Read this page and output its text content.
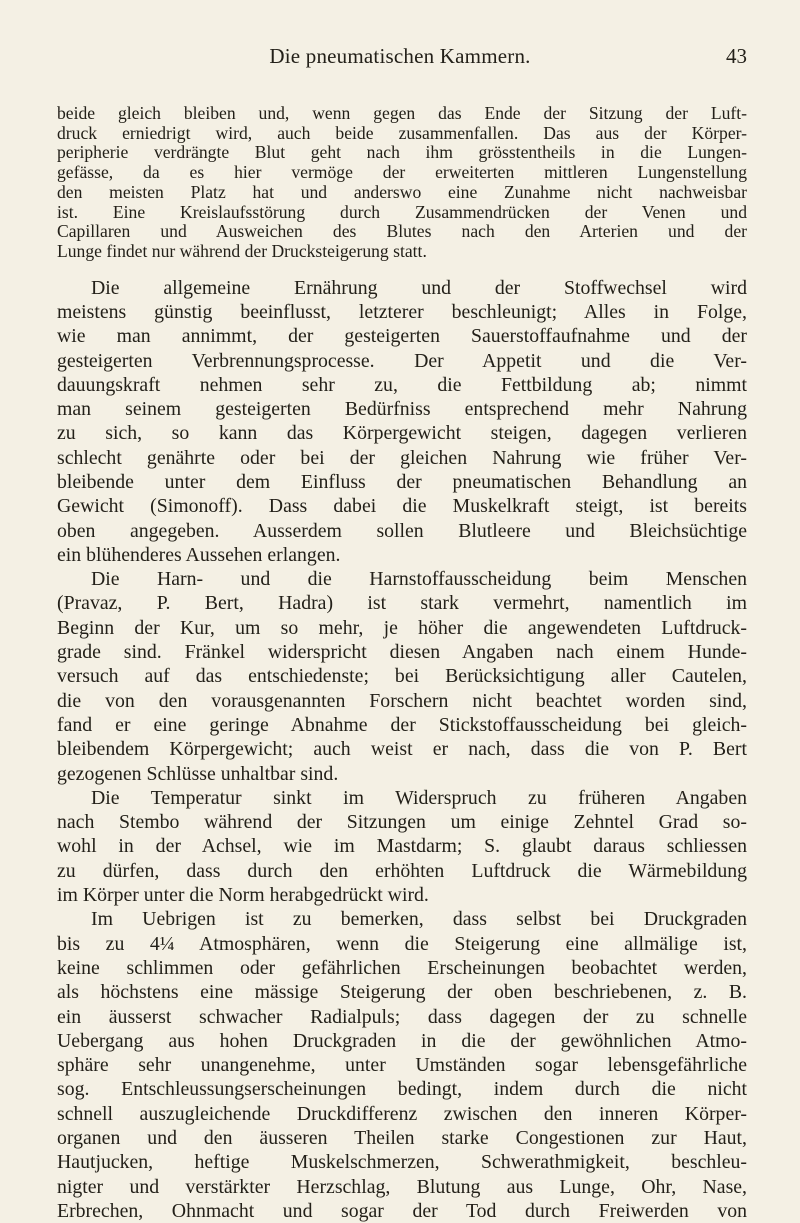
Die pneumatischen Kammern.	43
beide gleich bleiben und, wenn gegen das Ende der Sitzung der Luft-
druck erniedrigt wird, auch beide zusammenfallen. Das aus der Körper-
peripherie verdrängte Blut geht nach ihm grösstentheils in die Lungen-
gefässe, da es hier vermöge der erweiterten mittleren Lungenstellung
den meisten Platz hat und anderswo eine Zunahme nicht nachweisbar
ist. Eine Kreislaufsstörung durch Zusammendrücken der Venen und
Capillaren und Ausweichen des Blutes nach den Arterien und der
Lunge findet nur während der Drucksteigerung statt.
Die allgemeine Ernährung und der Stoffwechsel wird
meistens günstig beeinflusst, letzterer beschleunigt; Alles in Folge,
wie man annimmt, der gesteigerten Sauerstoffaufnahme und der
gesteigerten Verbrennungsprocesse. Der Appetit und die Ver-
dauungskraft nehmen sehr zu, die Fettbildung ab; nimmt
man seinem gesteigerten Bedürfniss entsprechend mehr Nahrung
zu sich, so kann das Körpergewicht steigen, dagegen verlieren
schlecht genährte oder bei der gleichen Nahrung wie früher Ver-
bleibende unter dem Einfluss der pneumatischen Behandlung an
Gewicht (Simonoff). Dass dabei die Muskelkraft steigt, ist bereits
oben angegeben. Ausserdem sollen Blutleere und Bleichsüchtige
ein blühenderes Aussehen erlangen.
Die Harn- und die Harnstoffausscheidung beim Menschen
(Pravaz, P. Bert, Hadra) ist stark vermehrt, namentlich im
Beginn der Kur, um so mehr, je höher die angewendeten Luftdruck-
grade sind. Fränkel widerspricht diesen Angaben nach einem Hunde-
versuch auf das entschiedenste; bei Berücksichtigung aller Cautelen,
die von den vorausgenannten Forschern nicht beachtet worden sind,
fand er eine geringe Abnahme der Stickstoffausscheidung bei gleich-
bleibendem Körpergewicht; auch weist er nach, dass die von P. Bert
gezogenen Schlüsse unhaltbar sind.
Die Temperatur sinkt im Widerspruch zu früheren Angaben
nach Stembo während der Sitzungen um einige Zehntel Grad so-
wohl in der Achsel, wie im Mastdarm; S. glaubt daraus schliessen
zu dürfen, dass durch den erhöhten Luftdruck die Wärmebildung
im Körper unter die Norm herabgedrückt wird.
Im Uebrigen ist zu bemerken, dass selbst bei Druckgraden
bis zu 4¼ Atmosphären, wenn die Steigerung eine allmälige ist,
keine schlimmen oder gefährlichen Erscheinungen beobachtet werden,
als höchstens eine mässige Steigerung der oben beschriebenen, z. B.
ein äusserst schwacher Radialpuls; dass dagegen der zu schnelle
Uebergang aus hohen Druckgraden in die der gewöhnlichen Atmo-
sphäre sehr unangenehme, unter Umständen sogar lebensgefährliche
sog. Entschleussungserscheinungen bedingt, indem durch die nicht
schnell auszugleichende Druckdifferenz zwischen den inneren Körper-
organen und den äusseren Theilen starke Congestionen zur Haut,
Hautjucken, heftige Muskelschmerzen, Schwerathmigkeit, beschleu-
nigter und verstärkter Herzschlag, Blutung aus Lunge, Ohr, Nase,
Erbrechen, Ohnmacht und sogar der Tod durch Freiwerden von
